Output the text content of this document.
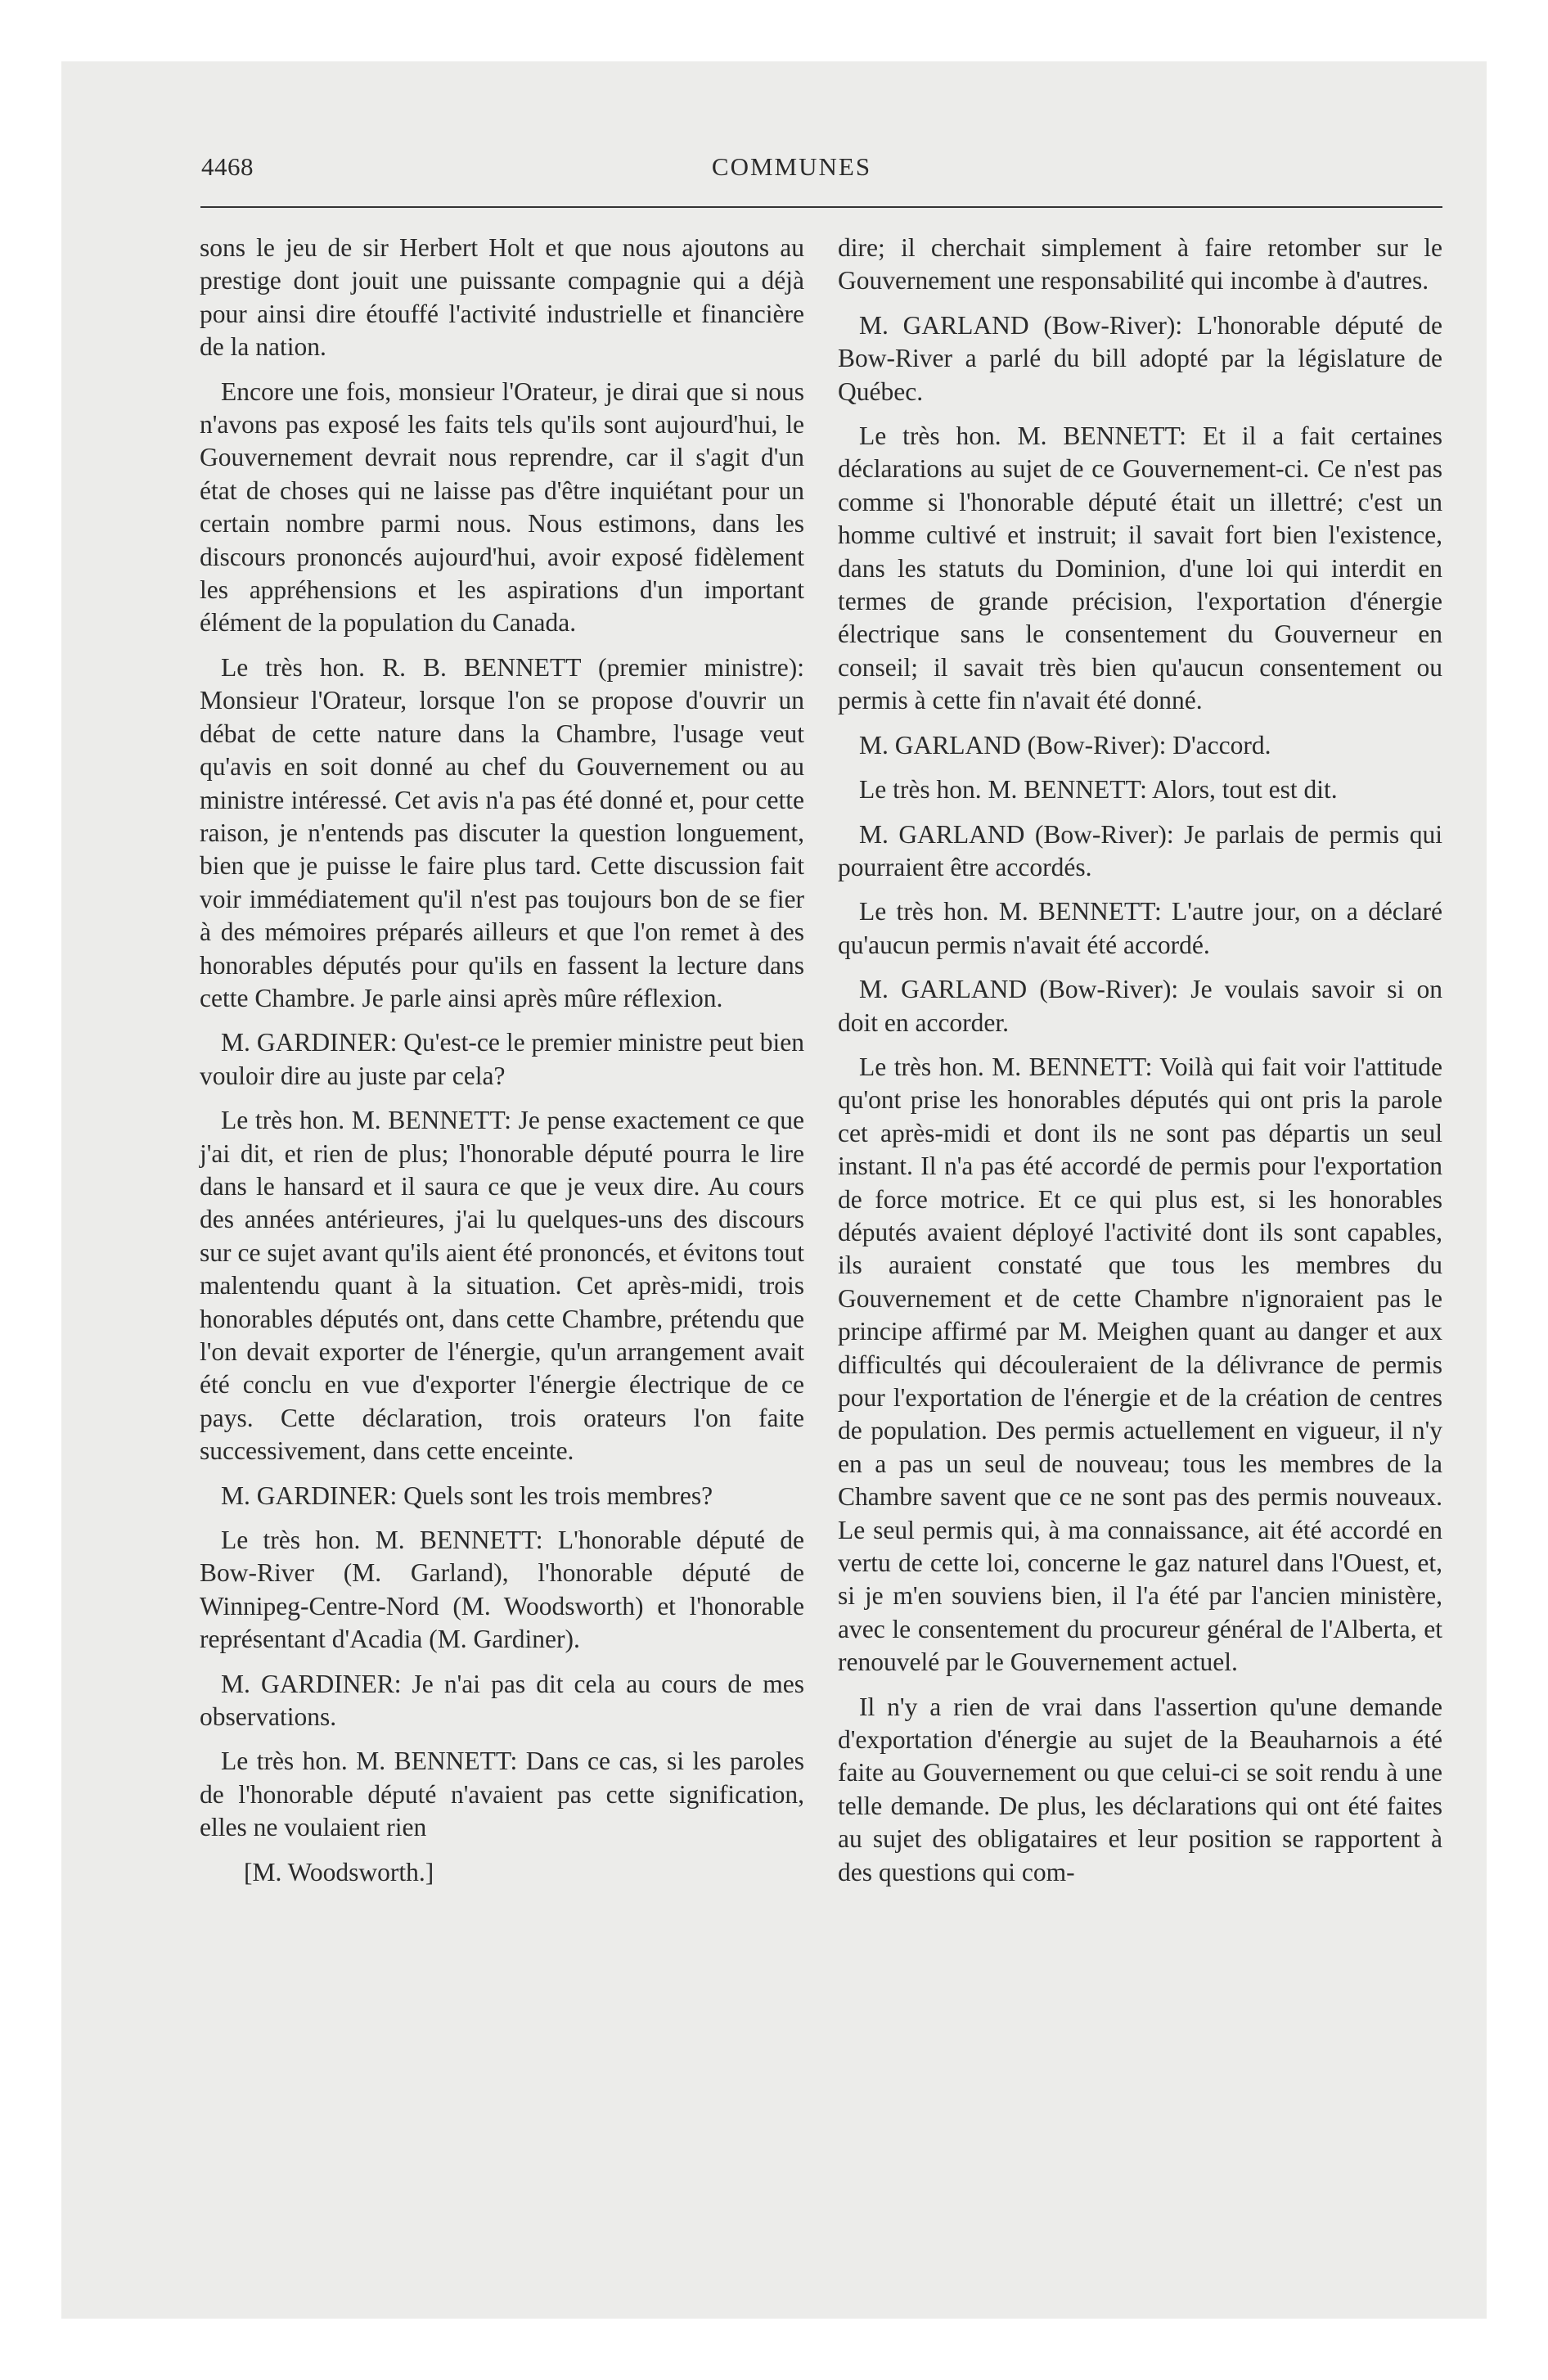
4468	COMMUNES

sons le jeu de sir Herbert Holt et que nous ajoutons au prestige dont jouit une puissante compagnie qui a déjà pour ainsi dire étouffé l'activité industrielle et financière de la nation.

Encore une fois, monsieur l'Orateur, je dirai que si nous n'avons pas exposé les faits tels qu'ils sont aujourd'hui, le Gouvernement devrait nous reprendre, car il s'agit d'un état de choses qui ne laisse pas d'être inquiétant pour un certain nombre parmi nous. Nous estimons, dans les discours prononcés aujourd'hui, avoir exposé fidèlement les appréhensions et les aspirations d'un important élément de la population du Canada.

Le très hon. R. B. BENNETT (premier ministre): Monsieur l'Orateur, lorsque l'on se propose d'ouvrir un débat de cette nature dans la Chambre, l'usage veut qu'avis en soit donné au chef du Gouvernement ou au ministre intéressé. Cet avis n'a pas été donné et, pour cette raison, je n'entends pas discuter la question longuement, bien que je puisse le faire plus tard. Cette discussion fait voir immédiatement qu'il n'est pas toujours bon de se fier à des mémoires préparés ailleurs et que l'on remet à des honorables députés pour qu'ils en fassent la lecture dans cette Chambre. Je parle ainsi après mûre réflexion.

M. GARDINER: Qu'est-ce le premier ministre peut bien vouloir dire au juste par cela?

Le très hon. M. BENNETT: Je pense exactement ce que j'ai dit, et rien de plus; l'honorable député pourra le lire dans le hansard et il saura ce que je veux dire. Au cours des années antérieures, j'ai lu quelques-uns des discours sur ce sujet avant qu'ils aient été prononcés, et évitons tout malentendu quant à la situation. Cet après-midi, trois honorables députés ont, dans cette Chambre, prétendu que l'on devait exporter de l'énergie, qu'un arrangement avait été conclu en vue d'exporter l'énergie électrique de ce pays. Cette déclaration, trois orateurs l'on faite successivement, dans cette enceinte.

M. GARDINER: Quels sont les trois membres?

Le très hon. M. BENNETT: L'honorable député de Bow-River (M. Garland), l'honorable député de Winnipeg-Centre-Nord (M. Woodsworth) et l'honorable représentant d'Acadia (M. Gardiner).

M. GARDINER: Je n'ai pas dit cela au cours de mes observations.

Le très hon. M. BENNETT: Dans ce cas, si les paroles de l'honorable député n'avaient pas cette signification, elles ne voulaient rien

[M. Woodsworth.]

dire; il cherchait simplement à faire retomber sur le Gouvernement une responsabilité qui incombe à d'autres.

M. GARLAND (Bow-River): L'honorable député de Bow-River a parlé du bill adopté par la législature de Québec.

Le très hon. M. BENNETT: Et il a fait certaines déclarations au sujet de ce Gouvernement-ci. Ce n'est pas comme si l'honorable député était un illettré; c'est un homme cultivé et instruit; il savait fort bien l'existence, dans les statuts du Dominion, d'une loi qui interdit en termes de grande précision, l'exportation d'énergie électrique sans le consentement du Gouverneur en conseil; il savait très bien qu'aucun consentement ou permis à cette fin n'avait été donné.

M. GARLAND (Bow-River): D'accord.

Le très hon. M. BENNETT: Alors, tout est dit.

M. GARLAND (Bow-River): Je parlais de permis qui pourraient être accordés.

Le très hon. M. BENNETT: L'autre jour, on a déclaré qu'aucun permis n'avait été accordé.

M. GARLAND (Bow-River): Je voulais savoir si on doit en accorder.

Le très hon. M. BENNETT: Voilà qui fait voir l'attitude qu'ont prise les honorables députés qui ont pris la parole cet après-midi et dont ils ne sont pas départis un seul instant. Il n'a pas été accordé de permis pour l'exportation de force motrice. Et ce qui plus est, si les honorables députés avaient déployé l'activité dont ils sont capables, ils auraient constaté que tous les membres du Gouvernement et de cette Chambre n'ignoraient pas le principe affirmé par M. Meighen quant au danger et aux difficultés qui découleraient de la délivrance de permis pour l'exportation de l'énergie et de la création de centres de population. Des permis actuellement en vigueur, il n'y en a pas un seul de nouveau; tous les membres de la Chambre savent que ce ne sont pas des permis nouveaux. Le seul permis qui, à ma connaissance, ait été accordé en vertu de cette loi, concerne le gaz naturel dans l'Ouest, et, si je m'en souviens bien, il l'a été par l'ancien ministère, avec le consentement du procureur général de l'Alberta, et renouvelé par le Gouvernement actuel.

Il n'y a rien de vrai dans l'assertion qu'une demande d'exportation d'énergie au sujet de la Beauharnois a été faite au Gouvernement ou que celui-ci se soit rendu à une telle demande. De plus, les déclarations qui ont été faites au sujet des obligataires et leur position se rapportent à des questions qui com-
